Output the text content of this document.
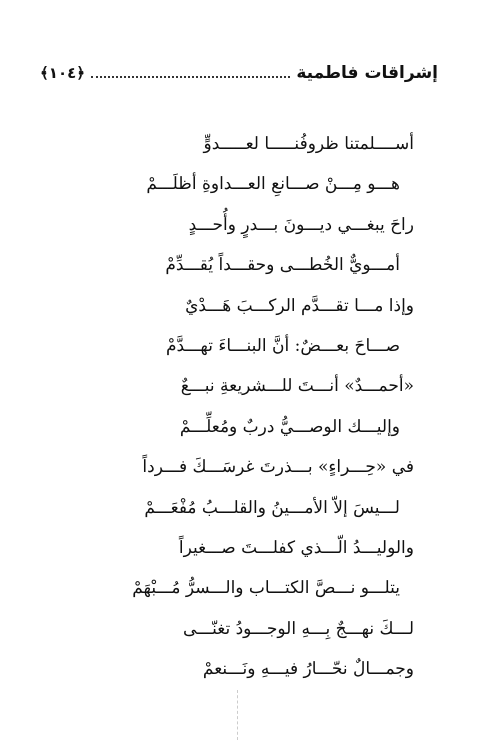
إشراقات فاطمية
﴿١٠٤﴾
أســــلمتنا ظروفُنـــــا لعـــــدوٍّ
هـــو مِـــنْ صـــانعِ العـــداوةِ أظلَـــمْ
راحَ يبغـــي ديـــونَ بـــدرٍ وأُحـــدٍ
أمـــويٌّ الخُطـــى وحقـــداً يُقـــدِّمْ
وإذا مـــا تقـــدَّم الركـــبَ هَـــدْيٌ
صـــاحَ بعـــضٌ: أنَّ البنـــاءَ تهـــدَّمْ
«أحمـــدٌ» أنـــتَ للـــشريعةِ نبـــعٌ
وإليـــك الوصـــيُّ دربٌ ومُعلِّـــمْ
في «حِـــراءٍ» بـــذرتَ غرسَـــكَ فـــرداً
لـــيسَ إلاّ الأمـــينُ والقلـــبُ مُفْعَـــمْ
والوليـــدُ الّـــذي كفلـــتَ صـــغيراً
يتلـــو نـــصَّ الكتـــاب والـــسرُّ مُـــبْهَمْ
لـــكَ نهـــجٌ بِـــهِ الوجـــودُ تغنّـــى
وجمـــالٌ نحّـــارُ فيـــهِ ونَـــنعمْ
